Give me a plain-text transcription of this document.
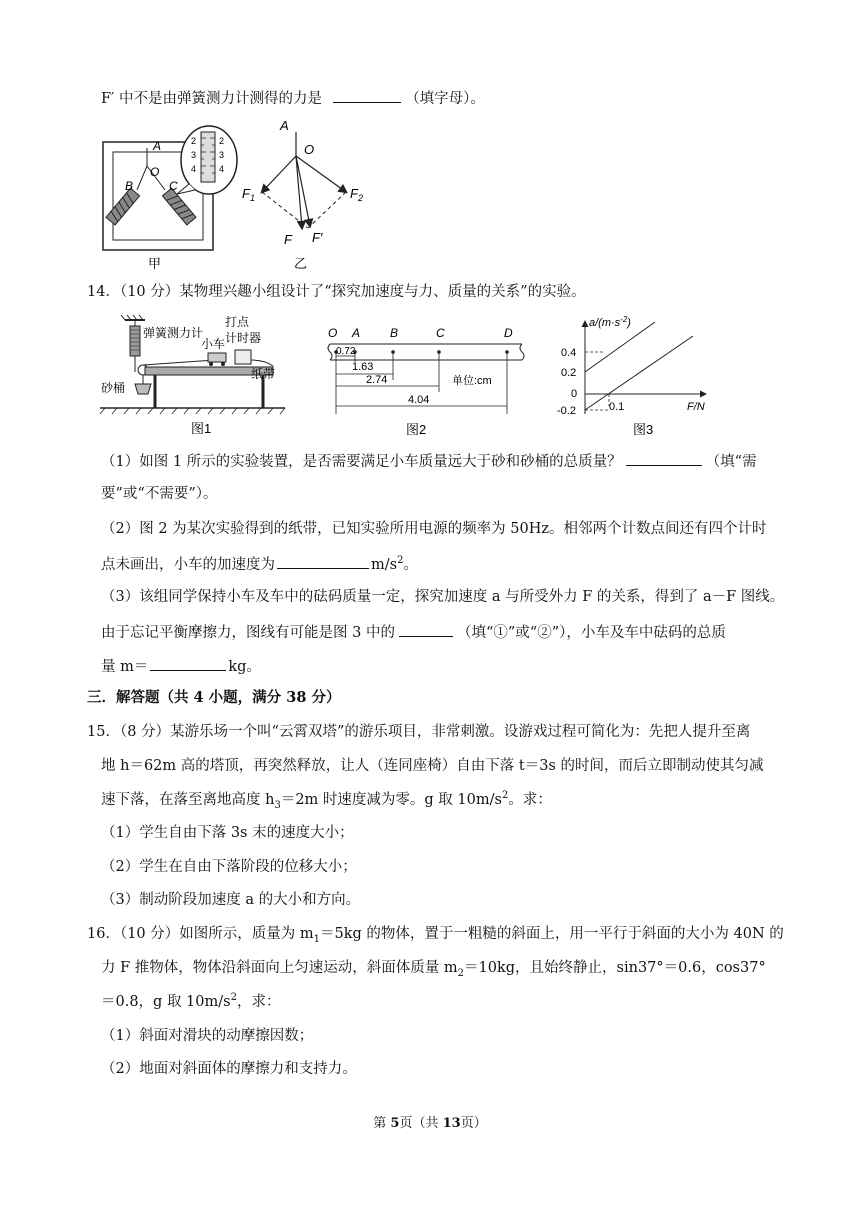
F′ 中不是由弹簧测力计测得的力是	（填字母）。
A
O
B	C
2
3
4
2
3
4
甲
A
O
$F_1$	$F_2$
F F′
乙
14．（10 分）某物理兴趣小组设计了“探究加速度与力、质量的关系”的实验。
弹簧测力计
打点
计时器
小车
纸带
砂桶
图1
O A B	C	D
0.72
1.63
2.74
4.04
单位:cm
图2
$a/(m\cdot s^{-2})$
0.4
0.2
0
-0.2	0.1	F/N
图3
（1）如图 1 所示的实验装置，是否需要满足小车质量远大于砂和砂桶的总质量？	（填“需
要”或“不需要”）。
（2）图 2 为某次实验得到的纸带，已知实验所用电源的频率为 50Hz。相邻两个计数点间还有四个计时
点未画出，小车的加速度为	$m/s^2$。
（3）该组同学保持小车及车中的砝码质量一定，探究加速度 a 与所受外力 F 的关系，得到了 a－F 图线。
由于忘记平衡摩擦力，图线有可能是图 3 中的	（填“①”或“②”），小车及车中砝码的总质
量 m＝	kg。
三．解答题（共 4 小题，满分 38 分）
15．（8 分）某游乐场一个叫“云霄双塔”的游乐项目，非常刺激。设游戏过程可简化为：先把人提升至离
地 h＝62m 高的塔顶，再突然释放，让人（连同座椅）自由下落 t＝3s 的时间，而后立即制动使其匀减
速下落，在落至离地高度 $h_3=2m$ 时速度减为零。g 取 $10m/s^2$。求：
（1）学生自由下落 3s 末的速度大小；
（2）学生在自由下落阶段的位移大小；
（3）制动阶段加速度 a 的大小和方向。
16．（10 分）如图所示，质量为 $m_1=5kg$ 的物体，置于一粗糙的斜面上，用一平行于斜面的大小为 40N 的
力 F 推物体，物体沿斜面向上匀速运动，斜面体质量 $m_2=10kg$，且始终静止，sin37°＝0.6，cos37°
＝0.8，g 取 $10m/s^2$，求：
（1）斜面对滑块的动摩擦因数；
（2）地面对斜面体的摩擦力和支持力。
第 5页（共 13页）
